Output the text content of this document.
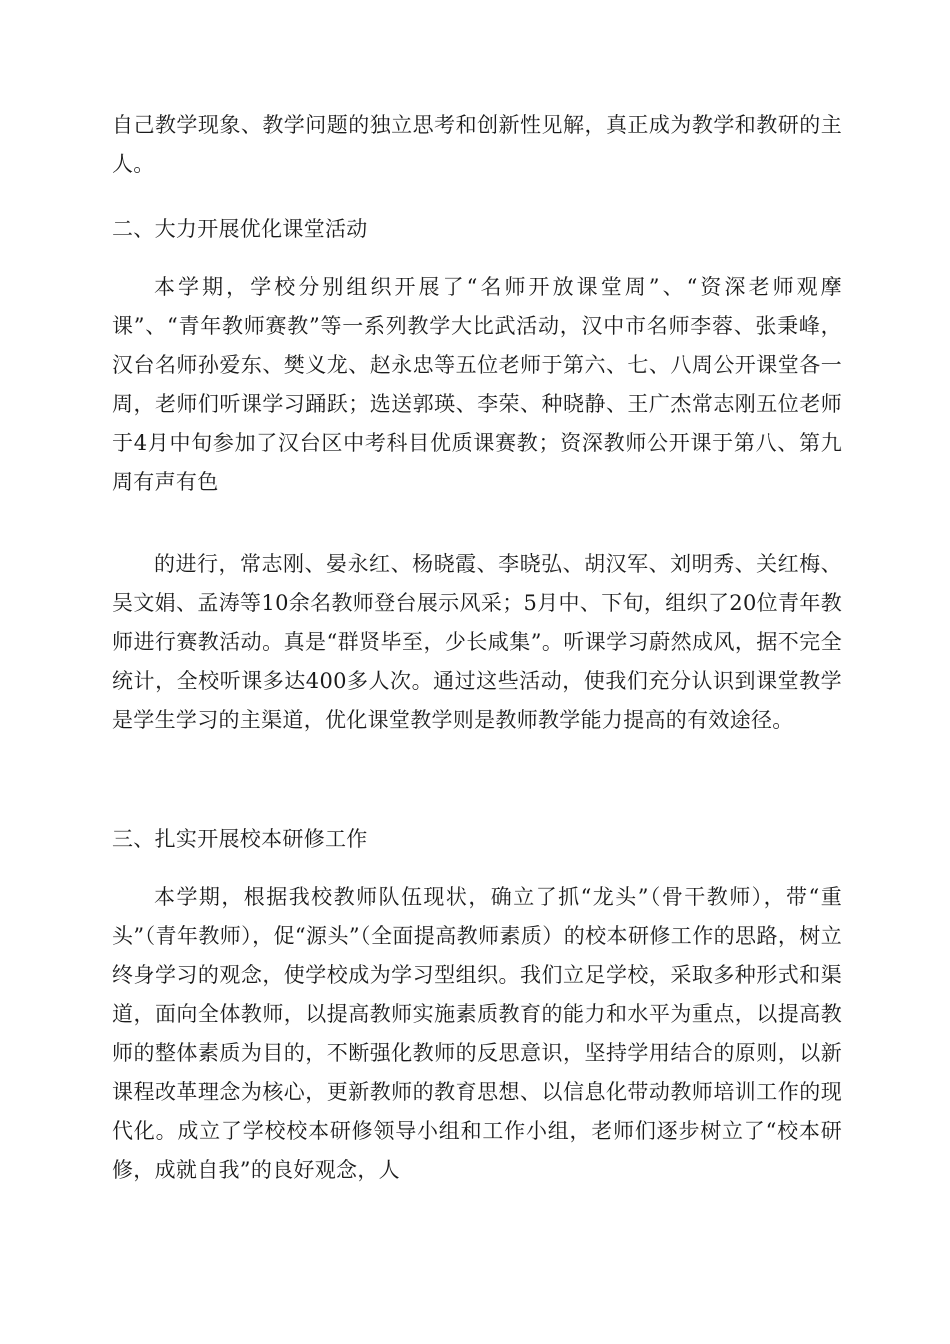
自己教学现象、教学问题的独立思考和创新性见解，真正成为教学和教研的主人。

二、大力开展优化课堂活动

本学期，学校分别组织开展了“名师开放课堂周”、“资深老师观摩课”、“青年教师赛教”等一系列教学大比武活动，汉中市名师李蓉、张秉峰，汉台名师孙爱东、樊义龙、赵永忠等五位老师于第六、七、八周公开课堂各一周，老师们听课学习踊跃；选送郭瑛、李荣、种晓静、王广杰常志刚五位老师于4月中旬参加了汉台区中考科目优质课赛教；资深教师公开课于第八、第九周有声有色

的进行，常志刚、晏永红、杨晓霞、李晓弘、胡汉军、刘明秀、关红梅、吴文娟、孟涛等10余名教师登台展示风采；5月中、下旬，组织了20位青年教师进行赛教活动。真是“群贤毕至，少长咸集”。听课学习蔚然成风，据不完全统计，全校听课多达400多人次。通过这些活动，使我们充分认识到课堂教学是学生学习的主渠道，优化课堂教学则是教师教学能力提高的有效途径。

三、扎实开展校本研修工作

本学期，根据我校教师队伍现状，确立了抓“龙头”（骨干教师），带“重头”（青年教师），促“源头”（全面提高教师素质）的校本研修工作的思路，树立终身学习的观念，使学校成为学习型组织。我们立足学校，采取多种形式和渠道，面向全体教师，以提高教师实施素质教育的能力和水平为重点，以提高教师的整体素质为目的，不断强化教师的反思意识，坚持学用结合的原则，以新课程改革理念为核心，更新教师的教育思想、以信息化带动教师培训工作的现代化。成立了学校校本研修领导小组和工作小组，老师们逐步树立了“校本研修，成就自我”的良好观念，人
